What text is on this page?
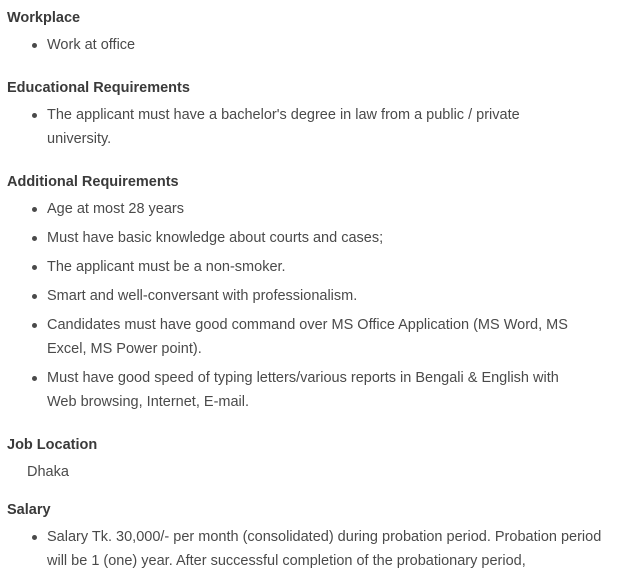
Workplace
Work at office
Educational Requirements
The applicant must have a bachelor's degree in law from a public / private university.
Additional Requirements
Age at most 28 years
Must have basic knowledge about courts and cases;
The applicant must be a non-smoker.
Smart and well-conversant with professionalism.
Candidates must have good command over MS Office Application (MS Word, MS Excel, MS Power point).
Must have good speed of typing letters/various reports in Bengali & English with Web browsing, Internet, E-mail.
Job Location
Dhaka
Salary
Salary Tk. 30,000/- per month (consolidated) during probation period. Probation period will be 1 (one) year. After successful completion of the probationary period,
